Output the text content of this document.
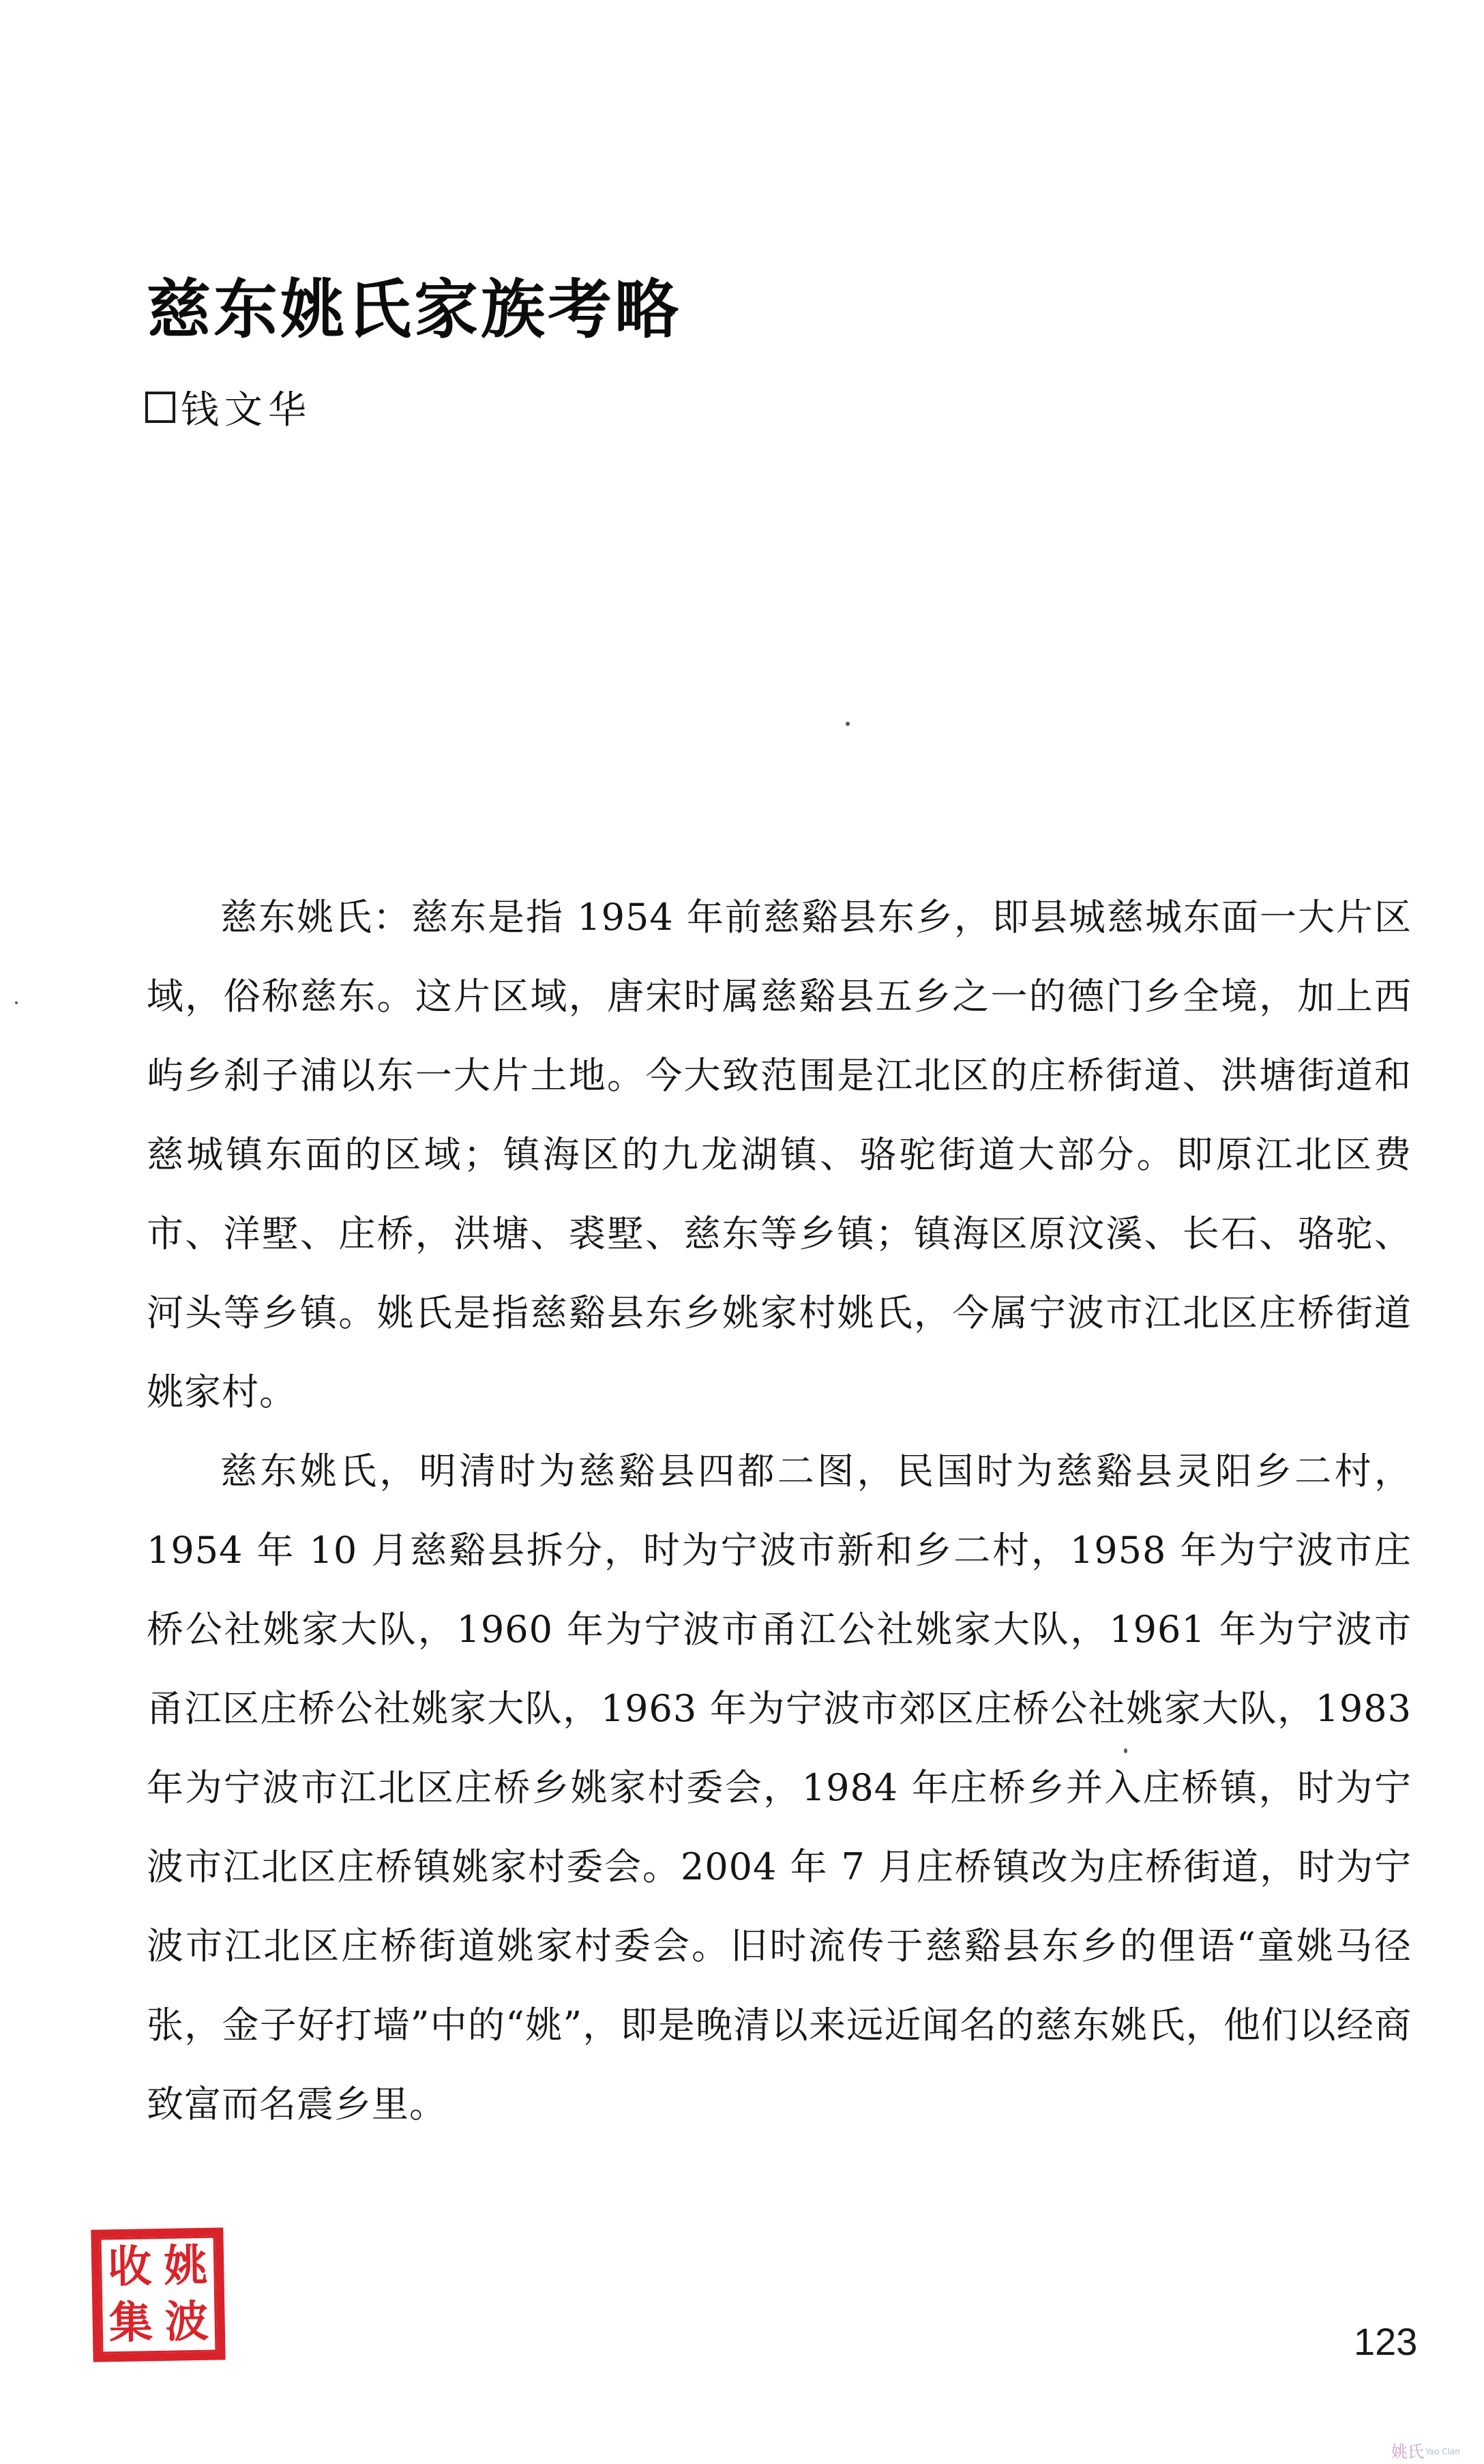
慈东姚氏家族考略
钱文华

慈东姚氏：慈东是指 1954 年前慈谿县东乡，即县城慈城东面一大片区域，俗称慈东。这片区域，唐宋时属慈谿县五乡之一的德门乡全境，加上西屿乡刹子浦以东一大片土地。今大致范围是江北区的庄桥街道、洪塘街道和慈城镇东面的区域；镇海区的九龙湖镇、骆驼街道大部分。即原江北区费市、洋墅、庄桥，洪塘、裘墅、慈东等乡镇；镇海区原汶溪、长石、骆驼、河头等乡镇。姚氏是指慈谿县东乡姚家村姚氏，今属宁波市江北区庄桥街道姚家村。

慈东姚氏，明清时为慈谿县四都二图，民国时为慈谿县灵阳乡二村，1954 年 10 月慈谿县拆分，时为宁波市新和乡二村，1958 年为宁波市庄桥公社姚家大队，1960 年为宁波市甬江公社姚家大队，1961 年为宁波市甬江区庄桥公社姚家大队，1963 年为宁波市郊区庄桥公社姚家大队，1983 年为宁波市江北区庄桥乡姚家村委会，1984 年庄桥乡并入庄桥镇，时为宁波市江北区庄桥镇姚家村委会。2004 年 7 月庄桥镇改为庄桥街道，时为宁波市江北区庄桥街道姚家村委会。旧时流传于慈谿县东乡的俚语“童姚马径张，金子好打墙”中的“姚”，即是晚清以来远近闻名的慈东姚氏，他们以经商致富而名震乡里。

姚
波
收
集	123
姚氏 Yao Clan
